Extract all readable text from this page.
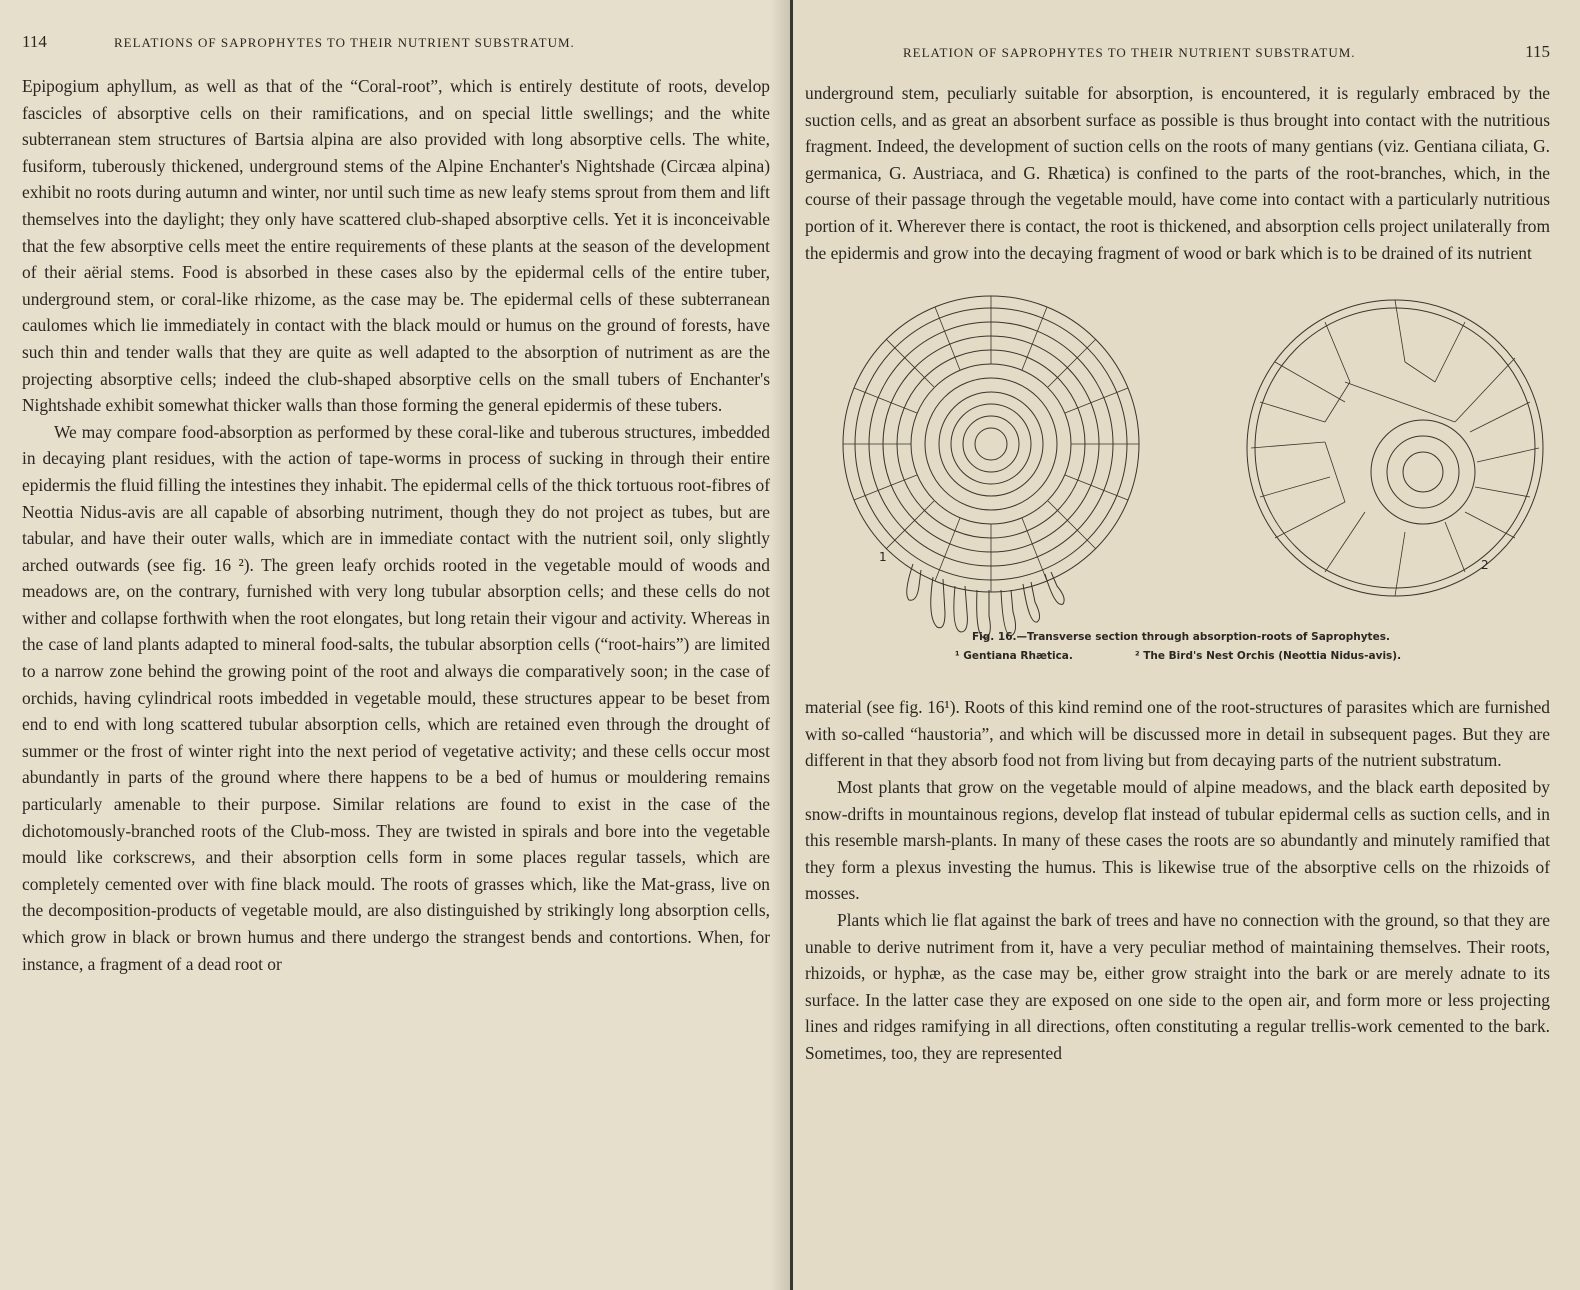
114	RELATIONS OF SAPROPHYTES TO THEIR NUTRIENT SUBSTRATUM.

Epipogium aphyllum, as well as that of the “Coral-root”, which is entirely destitute of roots, develop fascicles of absorptive cells on their ramifications, and on special little swellings; and the white subterranean stem structures of Bartsia alpina are also provided with long absorptive cells. The white, fusiform, tuberously thickened, underground stems of the Alpine Enchanter's Nightshade (Circæa alpina) exhibit no roots during autumn and winter, nor until such time as new leafy stems sprout from them and lift themselves into the daylight; they only have scattered club-shaped absorptive cells. Yet it is inconceivable that the few absorptive cells meet the entire requirements of these plants at the season of the development of their aërial stems. Food is absorbed in these cases also by the epidermal cells of the entire tuber, underground stem, or coral-like rhizome, as the case may be. The epidermal cells of these subterranean caulomes which lie immediately in contact with the black mould or humus on the ground of forests, have such thin and tender walls that they are quite as well adapted to the absorption of nutriment as are the projecting absorptive cells; indeed the club-shaped absorptive cells on the small tubers of Enchanter's Nightshade exhibit somewhat thicker walls than those forming the general epidermis of these tubers.

We may compare food-absorption as performed by these coral-like and tuberous structures, imbedded in decaying plant residues, with the action of tape-worms in process of sucking in through their entire epidermis the fluid filling the intestines they inhabit. The epidermal cells of the thick tortuous root-fibres of Neottia Nidus-avis are all capable of absorbing nutriment, though they do not project as tubes, but are tabular, and have their outer walls, which are in immediate contact with the nutrient soil, only slightly arched outwards (see fig. 16 ²). The green leafy orchids rooted in the vegetable mould of woods and meadows are, on the contrary, furnished with very long tubular absorption cells; and these cells do not wither and collapse forthwith when the root elongates, but long retain their vigour and activity. Whereas in the case of land plants adapted to mineral food-salts, the tubular absorption cells (“root-hairs”) are limited to a narrow zone behind the growing point of the root and always die comparatively soon; in the case of orchids, having cylindrical roots imbedded in vegetable mould, these structures appear to be beset from end to end with long scattered tubular absorption cells, which are retained even through the drought of summer or the frost of winter right into the next period of vegetative activity; and these cells occur most abundantly in parts of the ground where there happens to be a bed of humus or mouldering remains particularly amenable to their purpose. Similar relations are found to exist in the case of the dichotomously-branched roots of the Club-moss. They are twisted in spirals and bore into the vegetable mould like corkscrews, and their absorption cells form in some places regular tassels, which are completely cemented over with fine black mould. The roots of grasses which, like the Mat-grass, live on the decomposition-products of vegetable mould, are also distinguished by strikingly long absorption cells, which grow in black or brown humus and there undergo the strangest bends and contortions. When, for instance, a fragment of a dead root or

RELATION OF SAPROPHYTES TO THEIR NUTRIENT SUBSTRATUM.	115

underground stem, peculiarly suitable for absorption, is encountered, it is regularly embraced by the suction cells, and as great an absorbent surface as possible is thus brought into contact with the nutritious fragment. Indeed, the development of suction cells on the roots of many gentians (viz. Gentiana ciliata, G. germanica, G. Austriaca, and G. Rhætica) is confined to the parts of the root-branches, which, in the course of their passage through the vegetable mould, have come into contact with a particularly nutritious portion of it. Wherever there is contact, the root is thickened, and absorption cells project unilaterally from the epidermis and grow into the decaying fragment of wood or bark which is to be drained of its nutrient

1
2
Fig. 16.—Transverse section through absorption-roots of Saprophytes.
¹ Gentiana Rhætica.	² The Bird's Nest Orchis (Neottia Nidus-avis).

material (see fig. 16¹). Roots of this kind remind one of the root-structures of parasites which are furnished with so-called “haustoria”, and which will be discussed more in detail in subsequent pages. But they are different in that they absorb food not from living but from decaying parts of the nutrient substratum.

Most plants that grow on the vegetable mould of alpine meadows, and the black earth deposited by snow-drifts in mountainous regions, develop flat instead of tubular epidermal cells as suction cells, and in this resemble marsh-plants. In many of these cases the roots are so abundantly and minutely ramified that they form a plexus investing the humus. This is likewise true of the absorptive cells on the rhizoids of mosses.

Plants which lie flat against the bark of trees and have no connection with the ground, so that they are unable to derive nutriment from it, have a very peculiar method of maintaining themselves. Their roots, rhizoids, or hyphæ, as the case may be, either grow straight into the bark or are merely adnate to its surface. In the latter case they are exposed on one side to the open air, and form more or less projecting lines and ridges ramifying in all directions, often constituting a regular trellis-work cemented to the bark. Sometimes, too, they are represented
